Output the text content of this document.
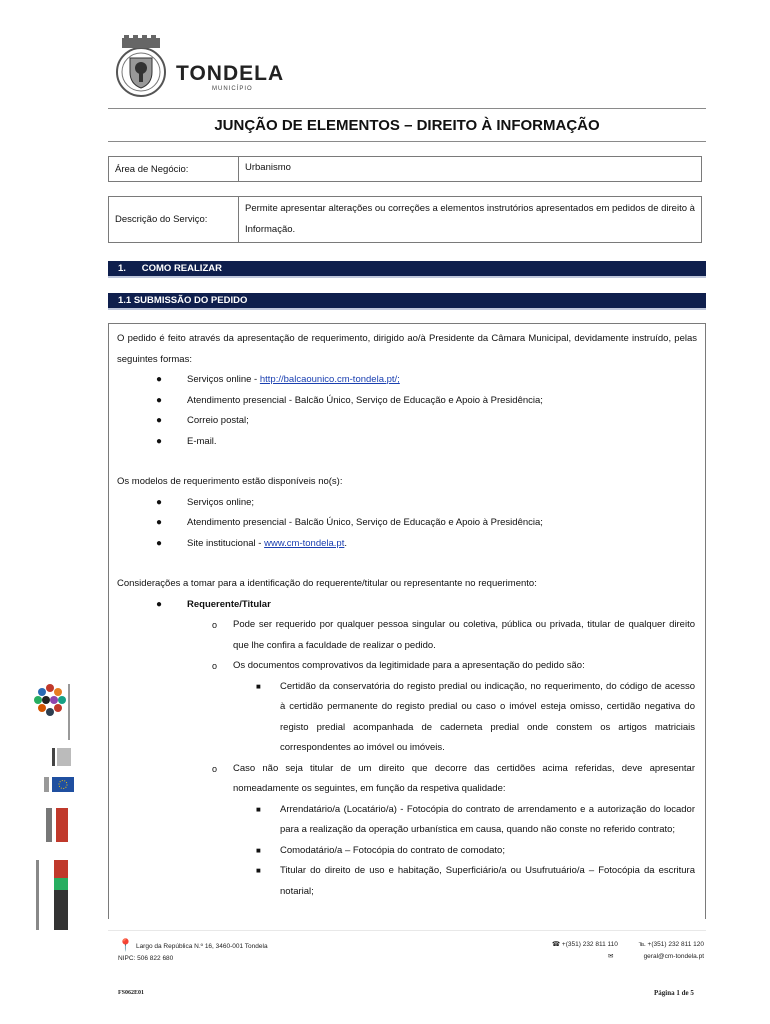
TONDELA
MUNICÍPIO
JUNÇÃO DE ELEMENTOS – DIREITO À INFORMAÇÃO
Área de Negócio:	Urbanismo
Descrição do Serviço:
Permite apresentar alterações ou correções a elementos instrutórios apresentados em pedidos de direito à Informação.
1.      COMO REALIZAR
1.1 SUBMISSÃO DO PEDIDO

O pedido é feito através da apresentação de requerimento, dirigido ao/à Presidente da Câmara Municipal, devidamente instruído, pelas seguintes formas:

●	Serviços online - http://balcaounico.cm-tondela.pt/;
●	Atendimento presencial - Balcão Único, Serviço de Educação e Apoio à Presidência;
●	Correio postal;
●	E-mail.

Os modelos de requerimento estão disponíveis no(s):

●	Serviços online;
●	Atendimento presencial - Balcão Único, Serviço de Educação e Apoio à Presidência;
●	Site institucional - www.cm-tondela.pt.

Considerações a tomar para a identificação do requerente/titular ou representante no requerimento:

●	Requerente/Titular
o Pode ser requerido por qualquer pessoa singular ou coletiva, pública ou privada, titular de qualquer direito que lhe confira a faculdade de realizar o pedido.
o Os documentos comprovativos da legitimidade para a apresentação do pedido são:
■ Certidão da conservatória do registo predial ou indicação, no requerimento, do código de acesso à certidão permanente do registo predial ou caso o imóvel esteja omisso, certidão negativa do registo predial acompanhada de caderneta predial onde constem os artigos matriciais correspondentes ao imóvel ou imóveis.
o Caso não seja titular de um direito que decorre das certidões acima referidas, deve apresentar nomeadamente os seguintes, em função da respetiva qualidade:
■ Arrendatário/a (Locatário/a) - Fotocópia do contrato de arrendamento e a autorização do locador para a realização da operação urbanística em causa, quando não conste no referido contrato;
■ Comodatário/a – Fotocópia do contrato de comodato;
■ Titular do direito de uso e habitação, Superficiário/a ou Usufrutuário/a – Fotocópia da escritura notarial;
📍 Largo da República N.º 16, 3460-001 Tondela
NIPC: 506 822 680
☎ +(351) 232 811 110	℡ +(351) 232 811 120
✉	geral@cm-tondela.pt
FS062E01	Página 1 de 5
